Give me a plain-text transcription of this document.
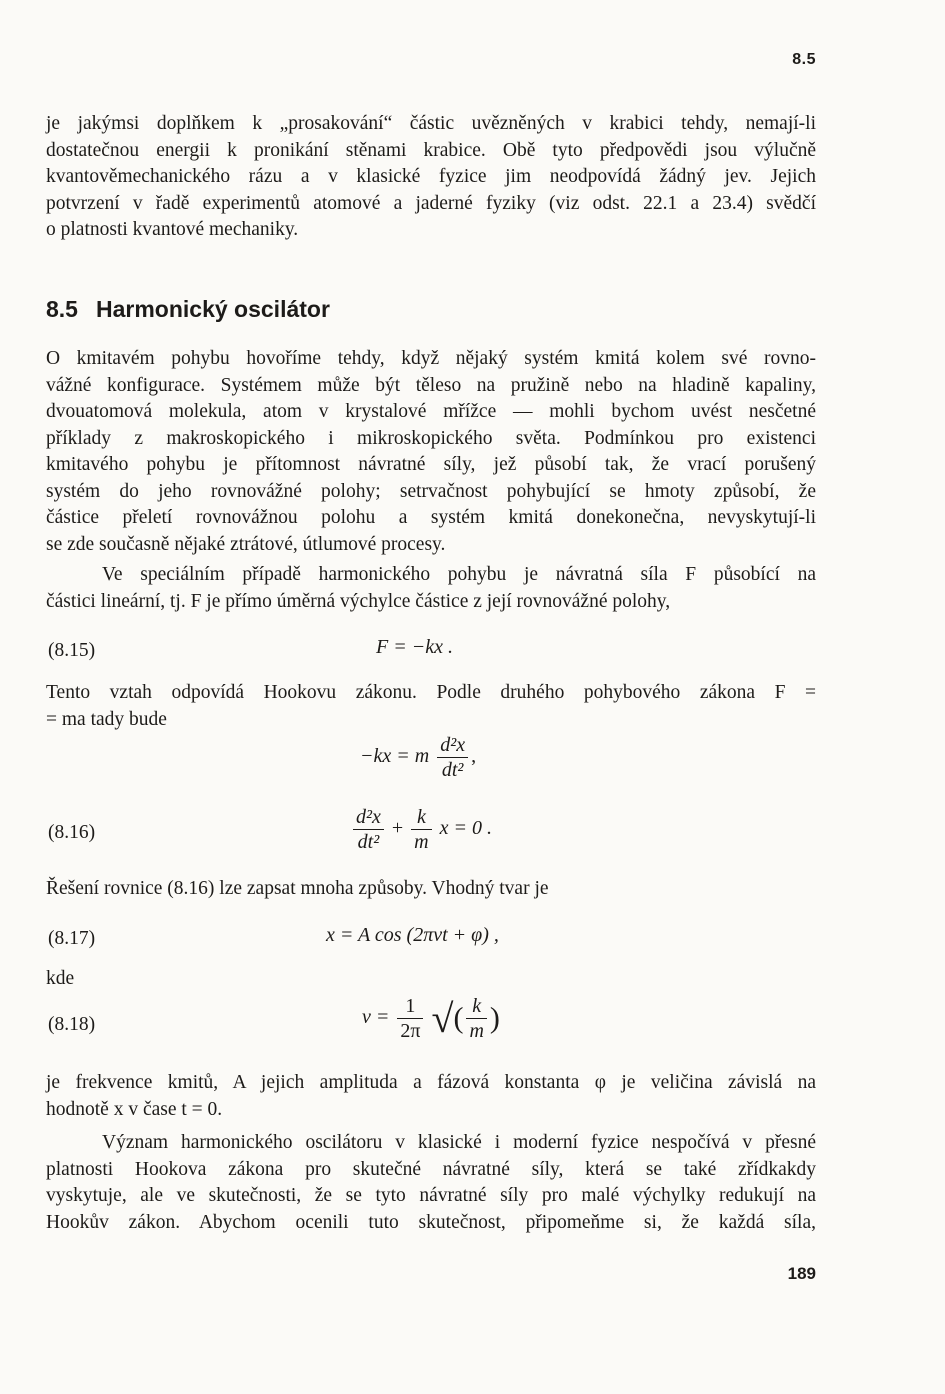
8.5

je jakýmsi doplňkem k „prosakování“ částic uvězněných v krabici tehdy, nemají-li
dostatečnou energii k pronikání stěnami krabice. Obě tyto předpovědi jsou výlučně
kvantověmechanického rázu a v klasické fyzice jim neodpovídá žádný jev. Jejich
potvrzení v řadě experimentů atomové a jaderné fyziky (viz odst. 22.1 a 23.4) svědčí
o platnosti kvantové mechaniky.

8.5 Harmonický oscilátor

O kmitavém pohybu hovoříme tehdy, když nějaký systém kmitá kolem své rovno-
vážné konfigurace. Systémem může být těleso na pružině nebo na hladině kapaliny,
dvouatomová molekula, atom v krystalové mřížce — mohli bychom uvést nesčetné
příklady z makroskopického i mikroskopického světa. Podmínkou pro existenci
kmitavého pohybu je přítomnost návratné síly, jež působí tak, že vrací porušený
systém do jeho rovnovážné polohy; setrvačnost pohybující se hmoty způsobí, že
částice přeletí rovnovážnou polohu a systém kmitá donekonečna, nevyskytují-li
se zde současně nějaké ztrátové, útlumové procesy.

Ve speciálním případě harmonického pohybu je návratná síla F působící na
částici lineární, tj. F je přímo úměrná výchylce částice z její rovnovážné polohy,

(8.15)	F = −kx .

Tento vztah odpovídá Hookovu zákonu. Podle druhého pohybového zákona F =
= ma tady bude

−kx = m $\frac{\text{d²x}}{\text{dt²}}$ ,
(8.16)	$\frac{\text{d²x}}{\text{dt²}} + \frac{k}{m}$ x = 0 .

Řešení rovnice (8.16) lze zapsat mnoha způsoby. Vhodný tvar je

(8.17)	x = A cos (2πνt + φ) ,
kde
(8.18)	$\nu = \frac{1}{2\pi}$ √( $\frac{k}{m}$ )

je frekvence kmitů, A jejich amplituda a fázová konstanta φ je veličina závislá na
hodnotě x v čase t = 0.

Význam harmonického oscilátoru v klasické i moderní fyzice nespočívá v přesné
platnosti Hookova zákona pro skutečné návratné síly, která se také zřídkakdy
vyskytuje, ale ve skutečnosti, že se tyto návratné síly pro malé výchylky redukují na
Hookův zákon. Abychom ocenili tuto skutečnost, připomeňme si, že každá síla,

189
